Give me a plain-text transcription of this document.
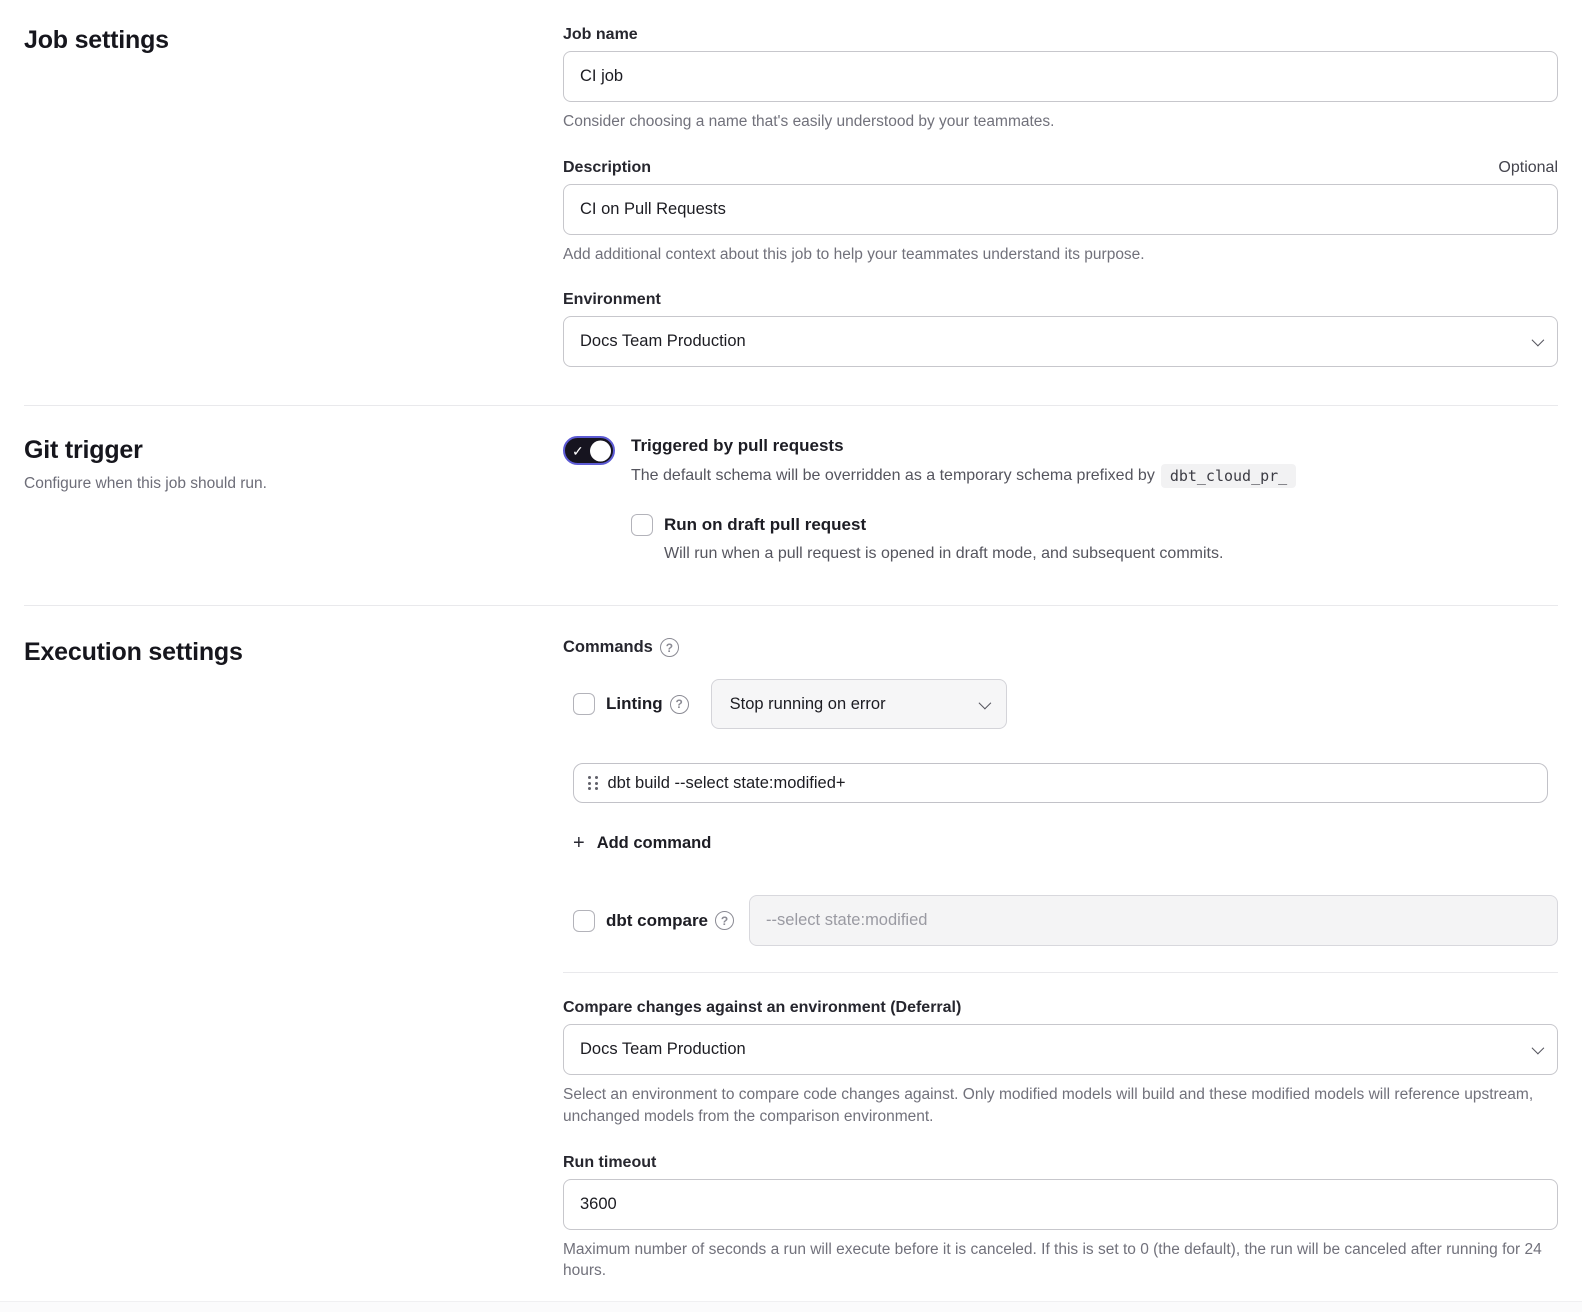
Job settings	Job name
CI job
Consider choosing a name that's easily understood by your teammates.
Description	Optional
CI on Pull Requests
Add additional context about this job to help your teammates understand its purpose.
Environment
Docs Team Production
Git trigger
Configure when this job should run.
✓	Triggered by pull requests
The default schema will be overridden as a temporary schema prefixed by	dbt_cloud_pr_
Run on draft pull request
Will run when a pull request is opened in draft mode, and subsequent commits.
Execution settings	Commands	?
Linting	?	Stop running on error
dbt build --select state:modified+
+ Add command
dbt compare	?
--select state:modified
Compare changes against an environment (Deferral)
Docs Team Production
Select an environment to compare code changes against. Only modified models will build and these modified models will reference upstream, unchanged models from the comparison environment.
Run timeout
3600
Maximum number of seconds a run will execute before it is canceled. If this is set to 0 (the default), the run will be canceled after running for 24 hours.
